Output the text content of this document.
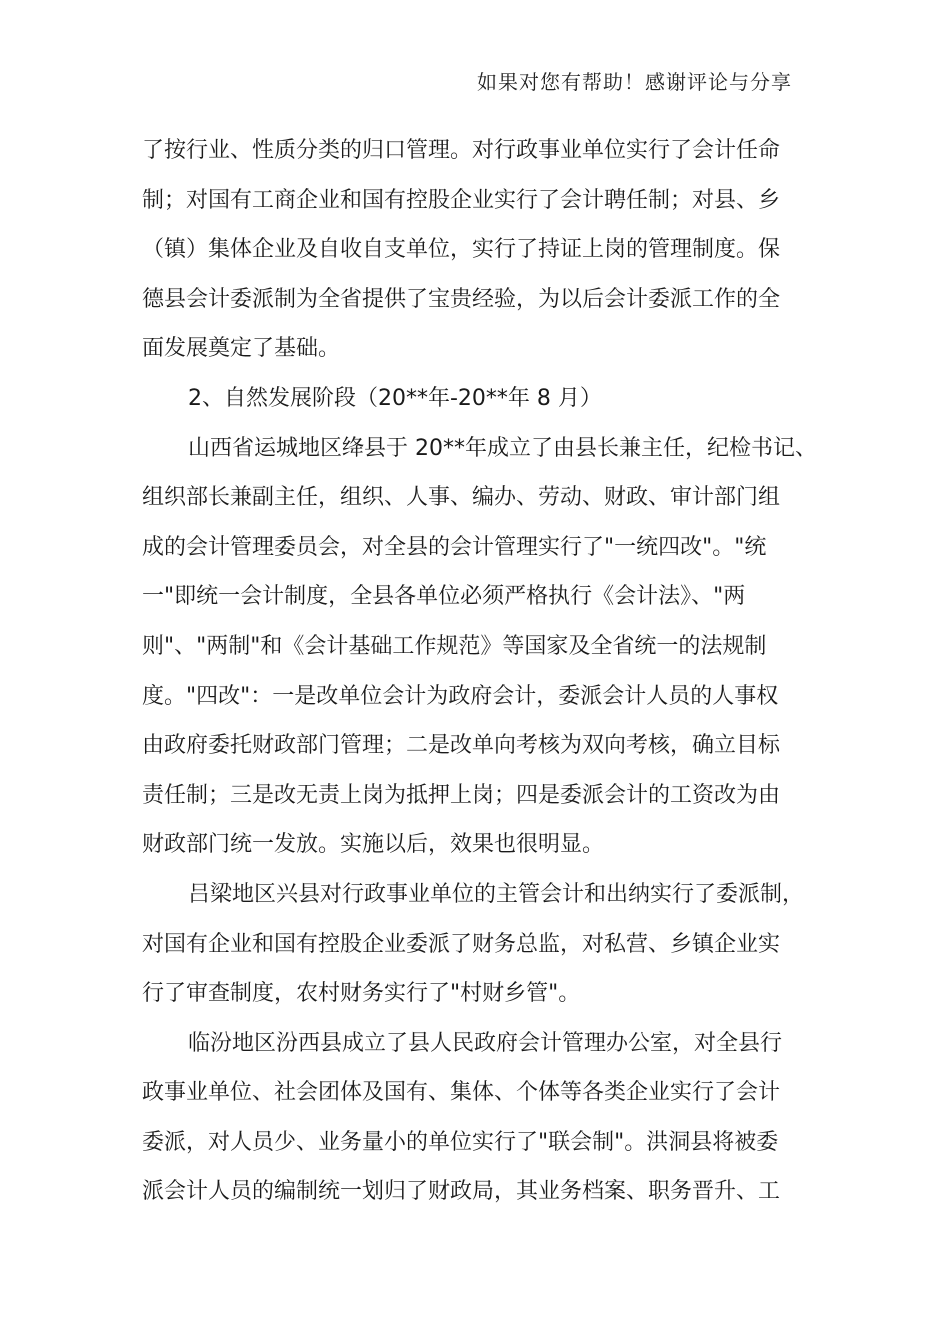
如果对您有帮助！感谢评论与分享
了按行业、性质分类的归口管理。对行政事业单位实行了会计任命
制；对国有工商企业和国有控股企业实行了会计聘任制；对县、乡
（镇）集体企业及自收自支单位，实行了持证上岗的管理制度。保
德县会计委派制为全省提供了宝贵经验，为以后会计委派工作的全
面发展奠定了基础。
2、自然发展阶段（20**年-20**年 8 月）
山西省运城地区绛县于 20**年成立了由县长兼主任，纪检书记、
组织部长兼副主任，组织、人事、编办、劳动、财政、审计部门组
成的会计管理委员会，对全县的会计管理实行了"一统四改"。"统
一"即统一会计制度，全县各单位必须严格执行《会计法》、"两
则"、"两制"和《会计基础工作规范》等国家及全省统一的法规制
度。"四改"：一是改单位会计为政府会计，委派会计人员的人事权
由政府委托财政部门管理；二是改单向考核为双向考核，确立目标
责任制；三是改无责上岗为抵押上岗；四是委派会计的工资改为由
财政部门统一发放。实施以后，效果也很明显。
吕梁地区兴县对行政事业单位的主管会计和出纳实行了委派制，
对国有企业和国有控股企业委派了财务总监，对私营、乡镇企业实
行了审查制度，农村财务实行了"村财乡管"。
临汾地区汾西县成立了县人民政府会计管理办公室，对全县行
政事业单位、社会团体及国有、集体、个体等各类企业实行了会计
委派，对人员少、业务量小的单位实行了"联会制"。洪洞县将被委
派会计人员的编制统一划归了财政局，其业务档案、职务晋升、工
